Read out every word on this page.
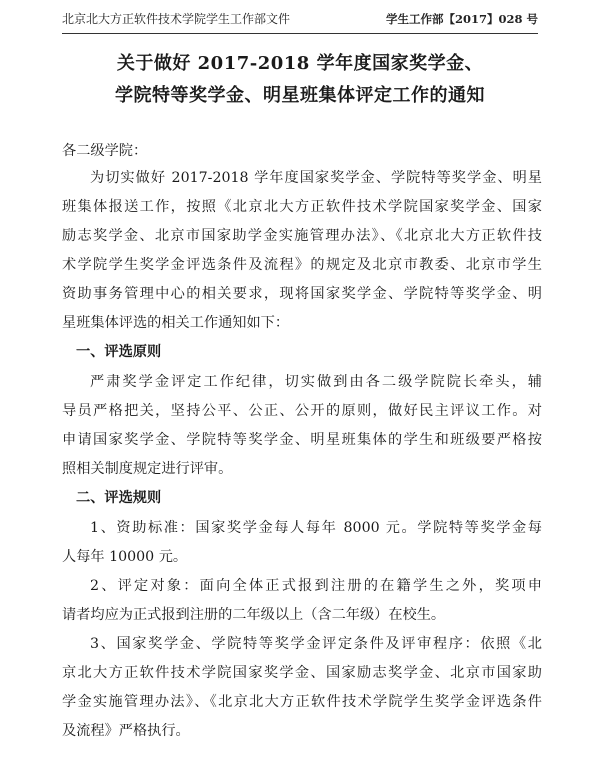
北京北大方正软件技术学院学生工作部文件	学生工作部【2017】028 号
关于做好 2017-2018 学年度国家奖学金、
学院特等奖学金、明星班集体评定工作的通知
各二级学院：
为切实做好 2017-2018 学年度国家奖学金、学院特等奖学金、明星
班集体报送工作，按照《北京北大方正软件技术学院国家奖学金、国家
励志奖学金、北京市国家助学金实施管理办法》、《北京北大方正软件技
术学院学生奖学金评选条件及流程》的规定及北京市教委、北京市学生
资助事务管理中心的相关要求，现将国家奖学金、学院特等奖学金、明
星班集体评选的相关工作通知如下：
一、评选原则
严肃奖学金评定工作纪律，切实做到由各二级学院院长牵头，辅
导员严格把关，坚持公平、公正、公开的原则，做好民主评议工作。对
申请国家奖学金、学院特等奖学金、明星班集体的学生和班级要严格按
照相关制度规定进行评审。
二、评选规则
1、资助标准：国家奖学金每人每年 8000 元。学院特等奖学金每
人每年 10000 元。
2、评定对象：面向全体正式报到注册的在籍学生之外，奖项申
请者均应为正式报到注册的二年级以上（含二年级）在校生。
3、国家奖学金、学院特等奖学金评定条件及评审程序：依照《北
京北大方正软件技术学院国家奖学金、国家励志奖学金、北京市国家助
学金实施管理办法》、《北京北大方正软件技术学院学生奖学金评选条件
及流程》严格执行。
